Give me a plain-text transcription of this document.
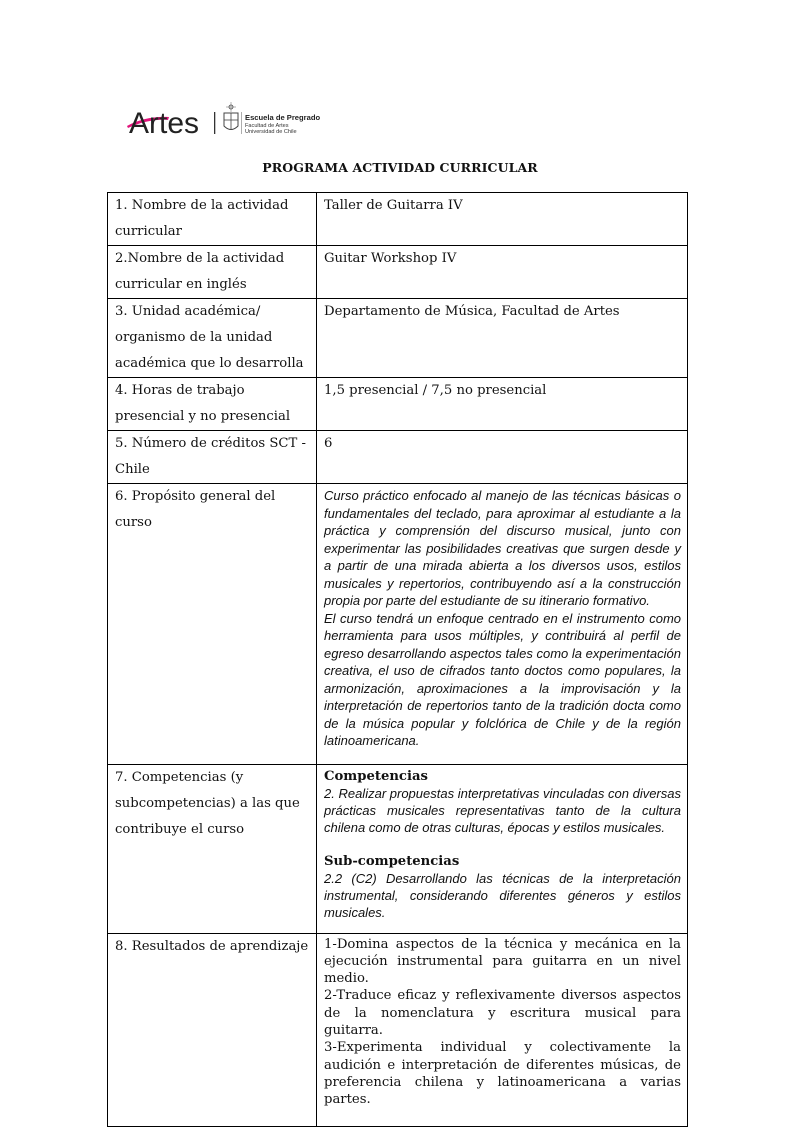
Artes	Escuela de Pregrado
Facultad de Artes
Universidad de Chile
PROGRAMA ACTIVIDAD CURRICULAR
1. Nombre de la actividad curricular	Taller de Guitarra IV

2.Nombre de la actividad curricular en inglés	Guitar Workshop IV

3. Unidad académica/ organismo de la unidad académica que lo desarrolla	Departamento de Música, Facultad de Artes

4. Horas de trabajo presencial y no presencial	1,5 presencial / 7,5 no presencial

5. Número de créditos SCT - Chile	6

6. Propósito general del curso	Curso práctico enfocado al manejo de las técnicas básicas o fundamentales del teclado, para aproximar al estudiante a la práctica y comprensión del discurso musical, junto con experimentar las posibilidades creativas que surgen desde y a partir de una mirada abierta a los diversos usos, estilos musicales y repertorios, contribuyendo así a la construcción propia por parte del estudiante de su itinerario formativo.

El curso tendrá un enfoque centrado en el instrumento como herramienta para usos múltiples, y contribuirá al perfil de egreso desarrollando aspectos tales como la experimentación creativa, el uso de cifrados tanto doctos como populares, la armonización, aproximaciones a la improvisación y la interpretación de repertorios tanto de la tradición docta como de la música popular y folclórica de Chile y de la región latinoamericana.

7. Competencias (y subcompetencias) a las que contribuye el curso	Competencias
2. Realizar propuestas interpretativas vinculadas con diversas prácticas musicales representativas tanto de la cultura chilena como de otras culturas, épocas y estilos musicales.
Sub-competencias
2.2 (C2) Desarrollando las técnicas de la interpretación instrumental, considerando diferentes géneros y estilos musicales.

8. Resultados de aprendizaje	1-Domina aspectos de la técnica y mecánica en la ejecución instrumental para guitarra en un nivel medio.

2-Traduce eficaz y reflexivamente diversos aspectos de la nomenclatura y escritura musical para guitarra.

3-Experimenta individual y colectivamente la audición e interpretación de diferentes músicas, de preferencia chilena y latinoamericana a varias partes.
